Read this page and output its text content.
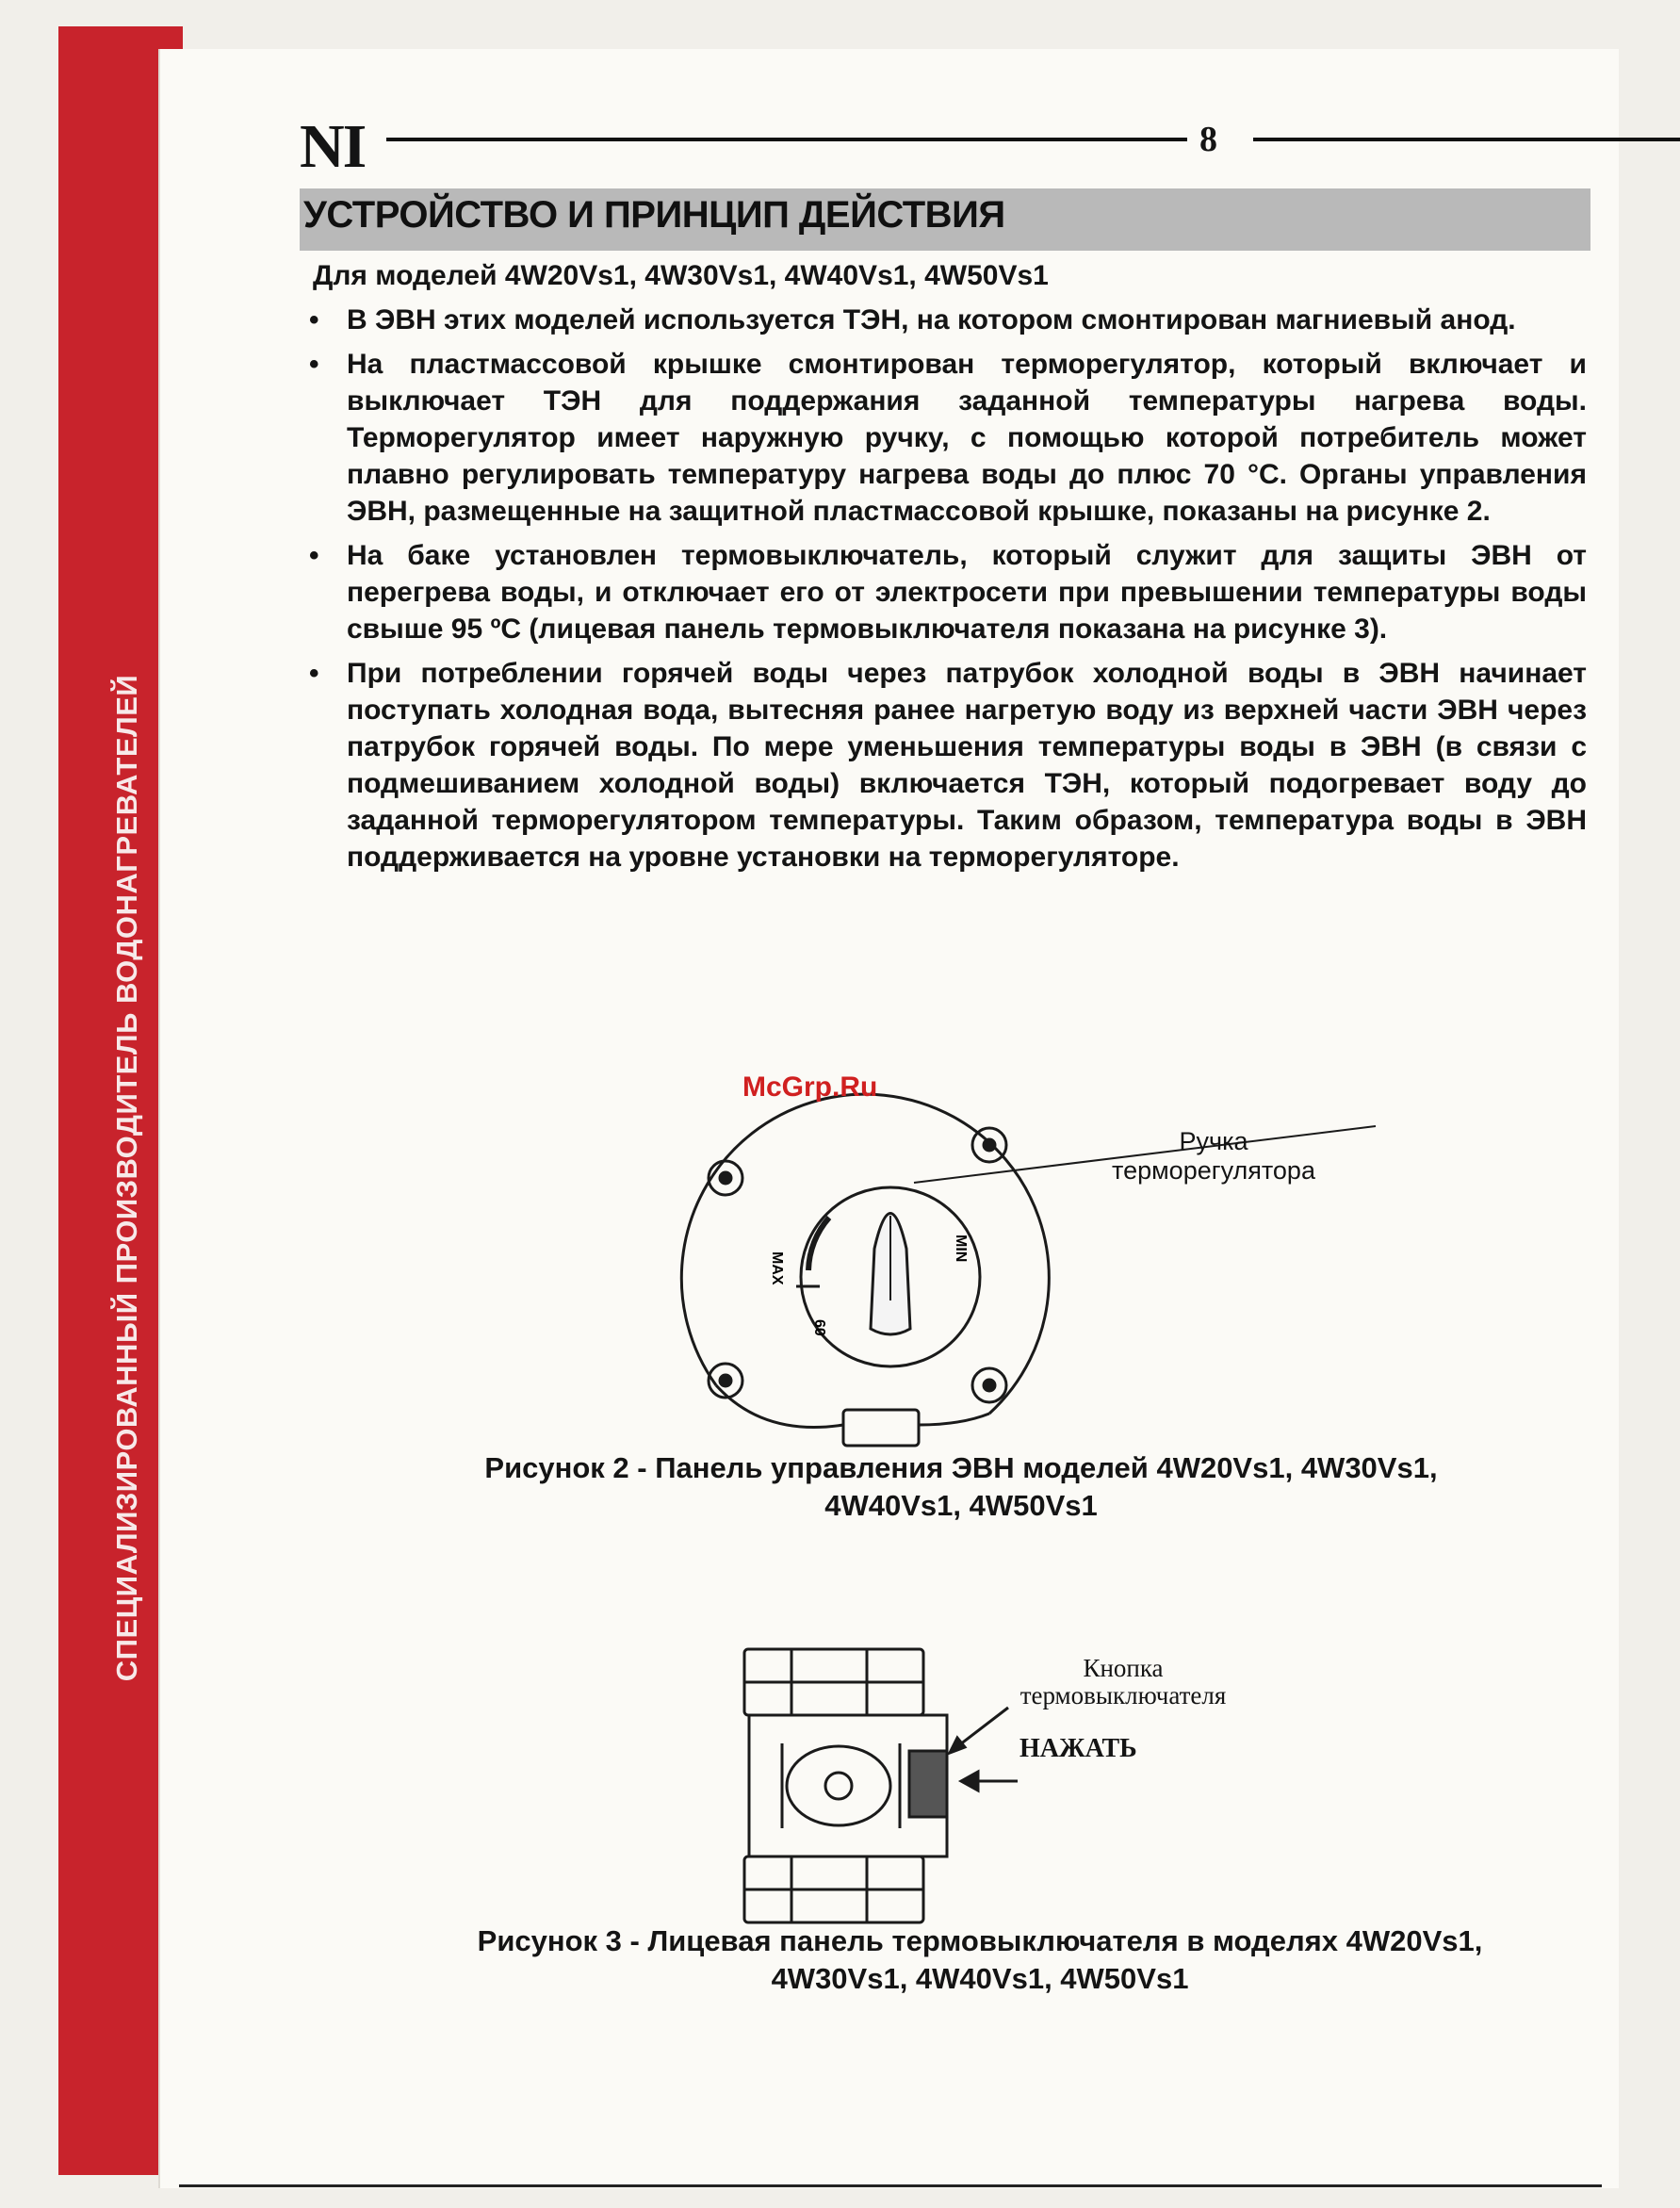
СПЕЦИАЛИЗИРОВАННЫЙ ПРОИЗВОДИТЕЛЬ ВОДОНАГРЕВАТЕЛЕЙ
NI	8
УСТРОЙСТВО И ПРИНЦИП ДЕЙСТВИЯ
Для моделей 4W20Vs1, 4W30Vs1, 4W40Vs1, 4W50Vs1
• В ЭВН этих моделей используется ТЭН, на котором смонтирован магниевый анод.
• На пластмассовой крышке смонтирован терморегулятор, который включает и выключает ТЭН для поддержания заданной температуры нагрева воды. Терморегулятор имеет наружную ручку, с помощью которой потребитель может плавно регулировать температуру нагрева воды до плюс 70 °С. Органы управления ЭВН, размещенные на защитной пластмассовой крышке, показаны на рисунке 2.
• На баке установлен термовыключатель, который служит для защиты ЭВН от перегрева воды, и отключает его от электросети при превышении температуры воды свыше 95 ºС (лицевая панель термовыключателя показана на рисунке 3).
• При потреблении горячей воды через патрубок холодной воды в ЭВН начинает поступать холодная вода, вытесняя ранее нагретую воду из верхней части ЭВН через патрубок горячей воды. По мере уменьшения температуры воды в ЭВН (в связи с подмешиванием холодной воды) включается ТЭН, который подогревает воду до заданной терморегулятором температуры. Таким образом, температура воды в ЭВН поддерживается на уровне установки на терморегуляторе.
MAX
MIN
60
McGrp.Ru
Ручка
терморегулятора
Рисунок 2 - Панель управления ЭВН моделей 4W20Vs1, 4W30Vs1,
4W40Vs1, 4W50Vs1
Кнопка
термовыключателя
НАЖАТЬ
Рисунок 3 - Лицевая панель термовыключателя в моделях 4W20Vs1,
4W30Vs1, 4W40Vs1, 4W50Vs1
